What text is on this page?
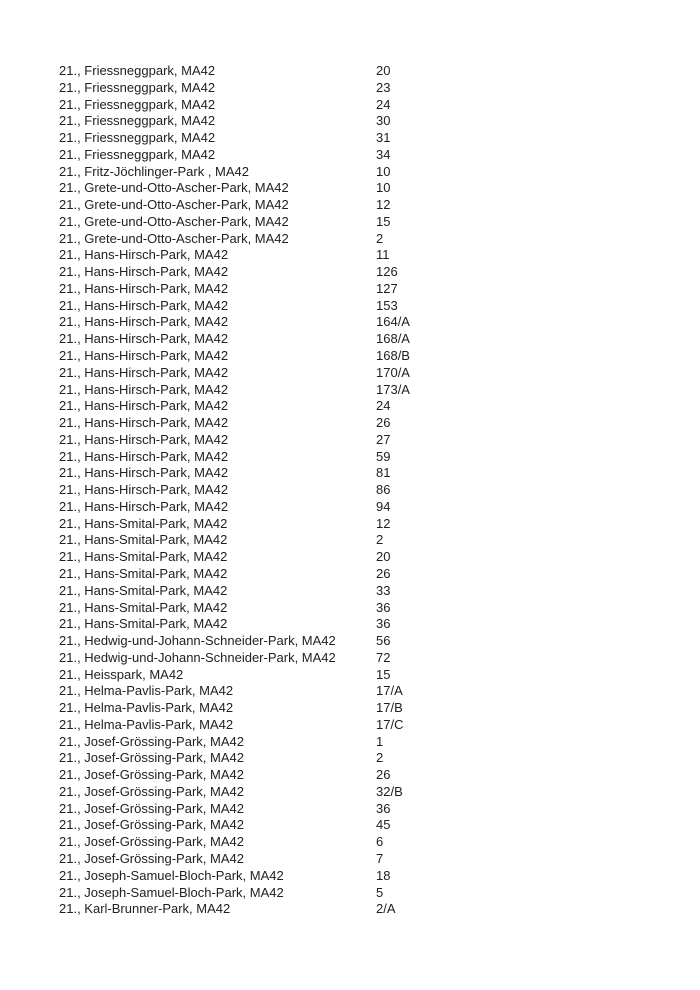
21., Friessneggpark, MA42	20
21., Friessneggpark, MA42	23
21., Friessneggpark, MA42	24
21., Friessneggpark, MA42	30
21., Friessneggpark, MA42	31
21., Friessneggpark, MA42	34
21., Fritz-Jöchlinger-Park , MA42	10
21., Grete-und-Otto-Ascher-Park, MA42	10
21., Grete-und-Otto-Ascher-Park, MA42	12
21., Grete-und-Otto-Ascher-Park, MA42	15
21., Grete-und-Otto-Ascher-Park, MA42	2
21., Hans-Hirsch-Park, MA42	11
21., Hans-Hirsch-Park, MA42	126
21., Hans-Hirsch-Park, MA42	127
21., Hans-Hirsch-Park, MA42	153
21., Hans-Hirsch-Park, MA42	164/A
21., Hans-Hirsch-Park, MA42	168/A
21., Hans-Hirsch-Park, MA42	168/B
21., Hans-Hirsch-Park, MA42	170/A
21., Hans-Hirsch-Park, MA42	173/A
21., Hans-Hirsch-Park, MA42	24
21., Hans-Hirsch-Park, MA42	26
21., Hans-Hirsch-Park, MA42	27
21., Hans-Hirsch-Park, MA42	59
21., Hans-Hirsch-Park, MA42	81
21., Hans-Hirsch-Park, MA42	86
21., Hans-Hirsch-Park, MA42	94
21., Hans-Smital-Park, MA42	12
21., Hans-Smital-Park, MA42	2
21., Hans-Smital-Park, MA42	20
21., Hans-Smital-Park, MA42	26
21., Hans-Smital-Park, MA42	33
21., Hans-Smital-Park, MA42	36
21., Hans-Smital-Park, MA42	36
21., Hedwig-und-Johann-Schneider-Park, MA42	56
21., Hedwig-und-Johann-Schneider-Park, MA42	72
21., Heisspark, MA42	15
21., Helma-Pavlis-Park, MA42	17/A
21., Helma-Pavlis-Park, MA42	17/B
21., Helma-Pavlis-Park, MA42	17/C
21., Josef-Grössing-Park, MA42	1
21., Josef-Grössing-Park, MA42	2
21., Josef-Grössing-Park, MA42	26
21., Josef-Grössing-Park, MA42	32/B
21., Josef-Grössing-Park, MA42	36
21., Josef-Grössing-Park, MA42	45
21., Josef-Grössing-Park, MA42	6
21., Josef-Grössing-Park, MA42	7
21., Joseph-Samuel-Bloch-Park, MA42	18
21., Joseph-Samuel-Bloch-Park, MA42	5
21., Karl-Brunner-Park, MA42	2/A
